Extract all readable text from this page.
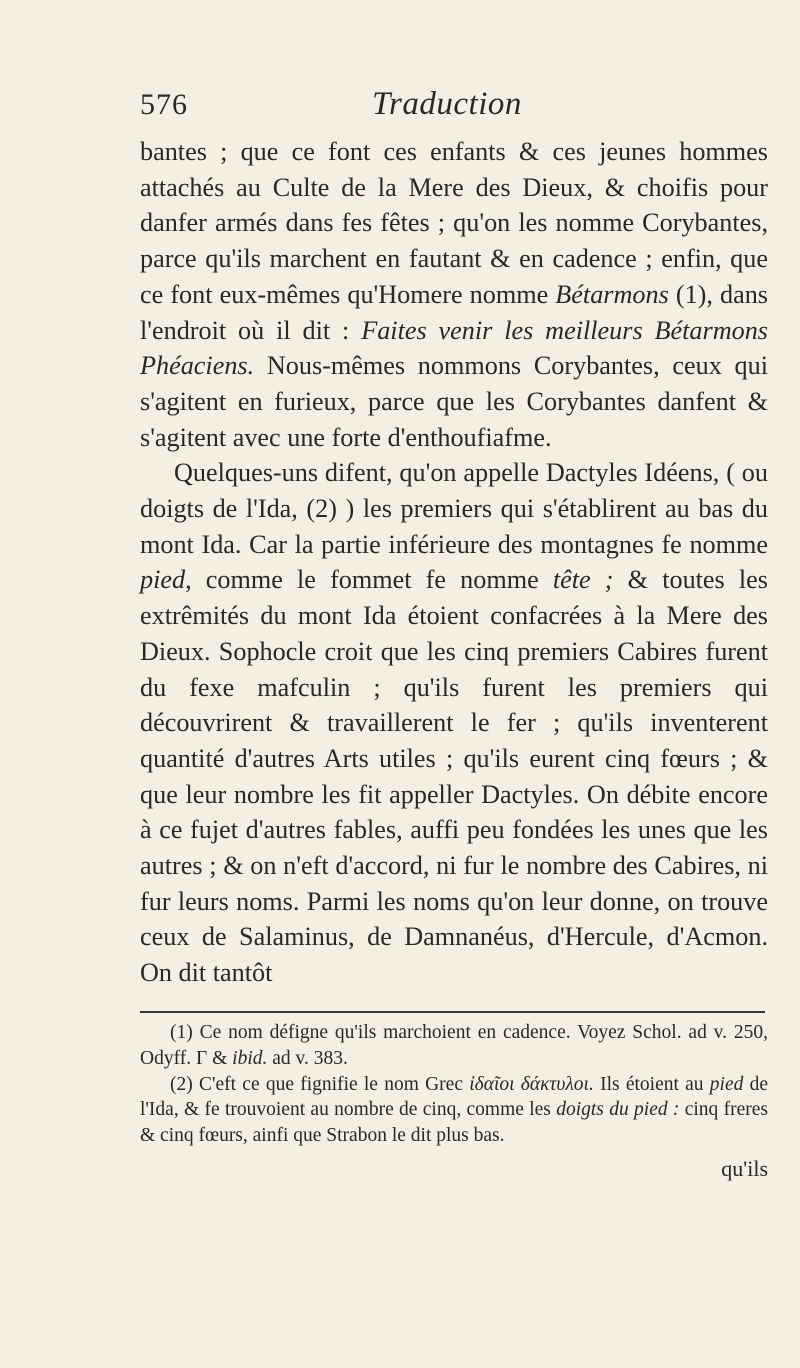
576	Traduction

bantes ; que ce font ces enfants & ces jeunes hommes attachés au Culte de la Mere des Dieux, & choifis pour danfer armés dans fes fêtes ; qu'on les nomme Corybantes, parce qu'ils marchent en fautant & en cadence ; enfin, que ce font eux-mêmes qu'Homere nomme Bétarmons (1), dans l'endroit où il dit : Faites venir les meilleurs Bétarmons Phéaciens. Nous-mêmes nommons Corybantes, ceux qui s'agitent en furieux, parce que les Corybantes danfent & s'agitent avec une forte d'enthoufiafme.

Quelques-uns difent, qu'on appelle Dactyles Idéens, ( ou doigts de l'Ida, (2) ) les premiers qui s'établirent au bas du mont Ida. Car la partie inférieure des montagnes fe nomme pied, comme le fommet fe nomme tête ; & toutes les extrêmités du mont Ida étoient confacrées à la Mere des Dieux. Sophocle croit que les cinq premiers Cabires furent du fexe mafculin ; qu'ils furent les premiers qui découvrirent & travaillerent le fer ; qu'ils inventerent quantité d'autres Arts utiles ; qu'ils eurent cinq fœurs ; & que leur nombre les fit appeller Dactyles. On débite encore à ce fujet d'autres fables, auffi peu fondées les unes que les autres ; & on n'eft d'accord, ni fur le nombre des Cabires, ni fur leurs noms. Parmi les noms qu'on leur donne, on trouve ceux de Salaminus, de Damnanéus, d'Hercule, d'Acmon. On dit tantôt

(1) Ce nom défigne qu'ils marchoient en cadence. Voyez Schol. ad v. 250, Odyff. Γ & ibid. ad v. 383.

(2) C'eft ce que fignifie le nom Grec ἰδαῖοι δάκτυλοι. Ils étoient au pied de l'Ida, & fe trouvoient au nombre de cinq, comme les doigts du pied : cinq freres & cinq fœurs, ainfi que Strabon le dit plus bas.

qu'ils
